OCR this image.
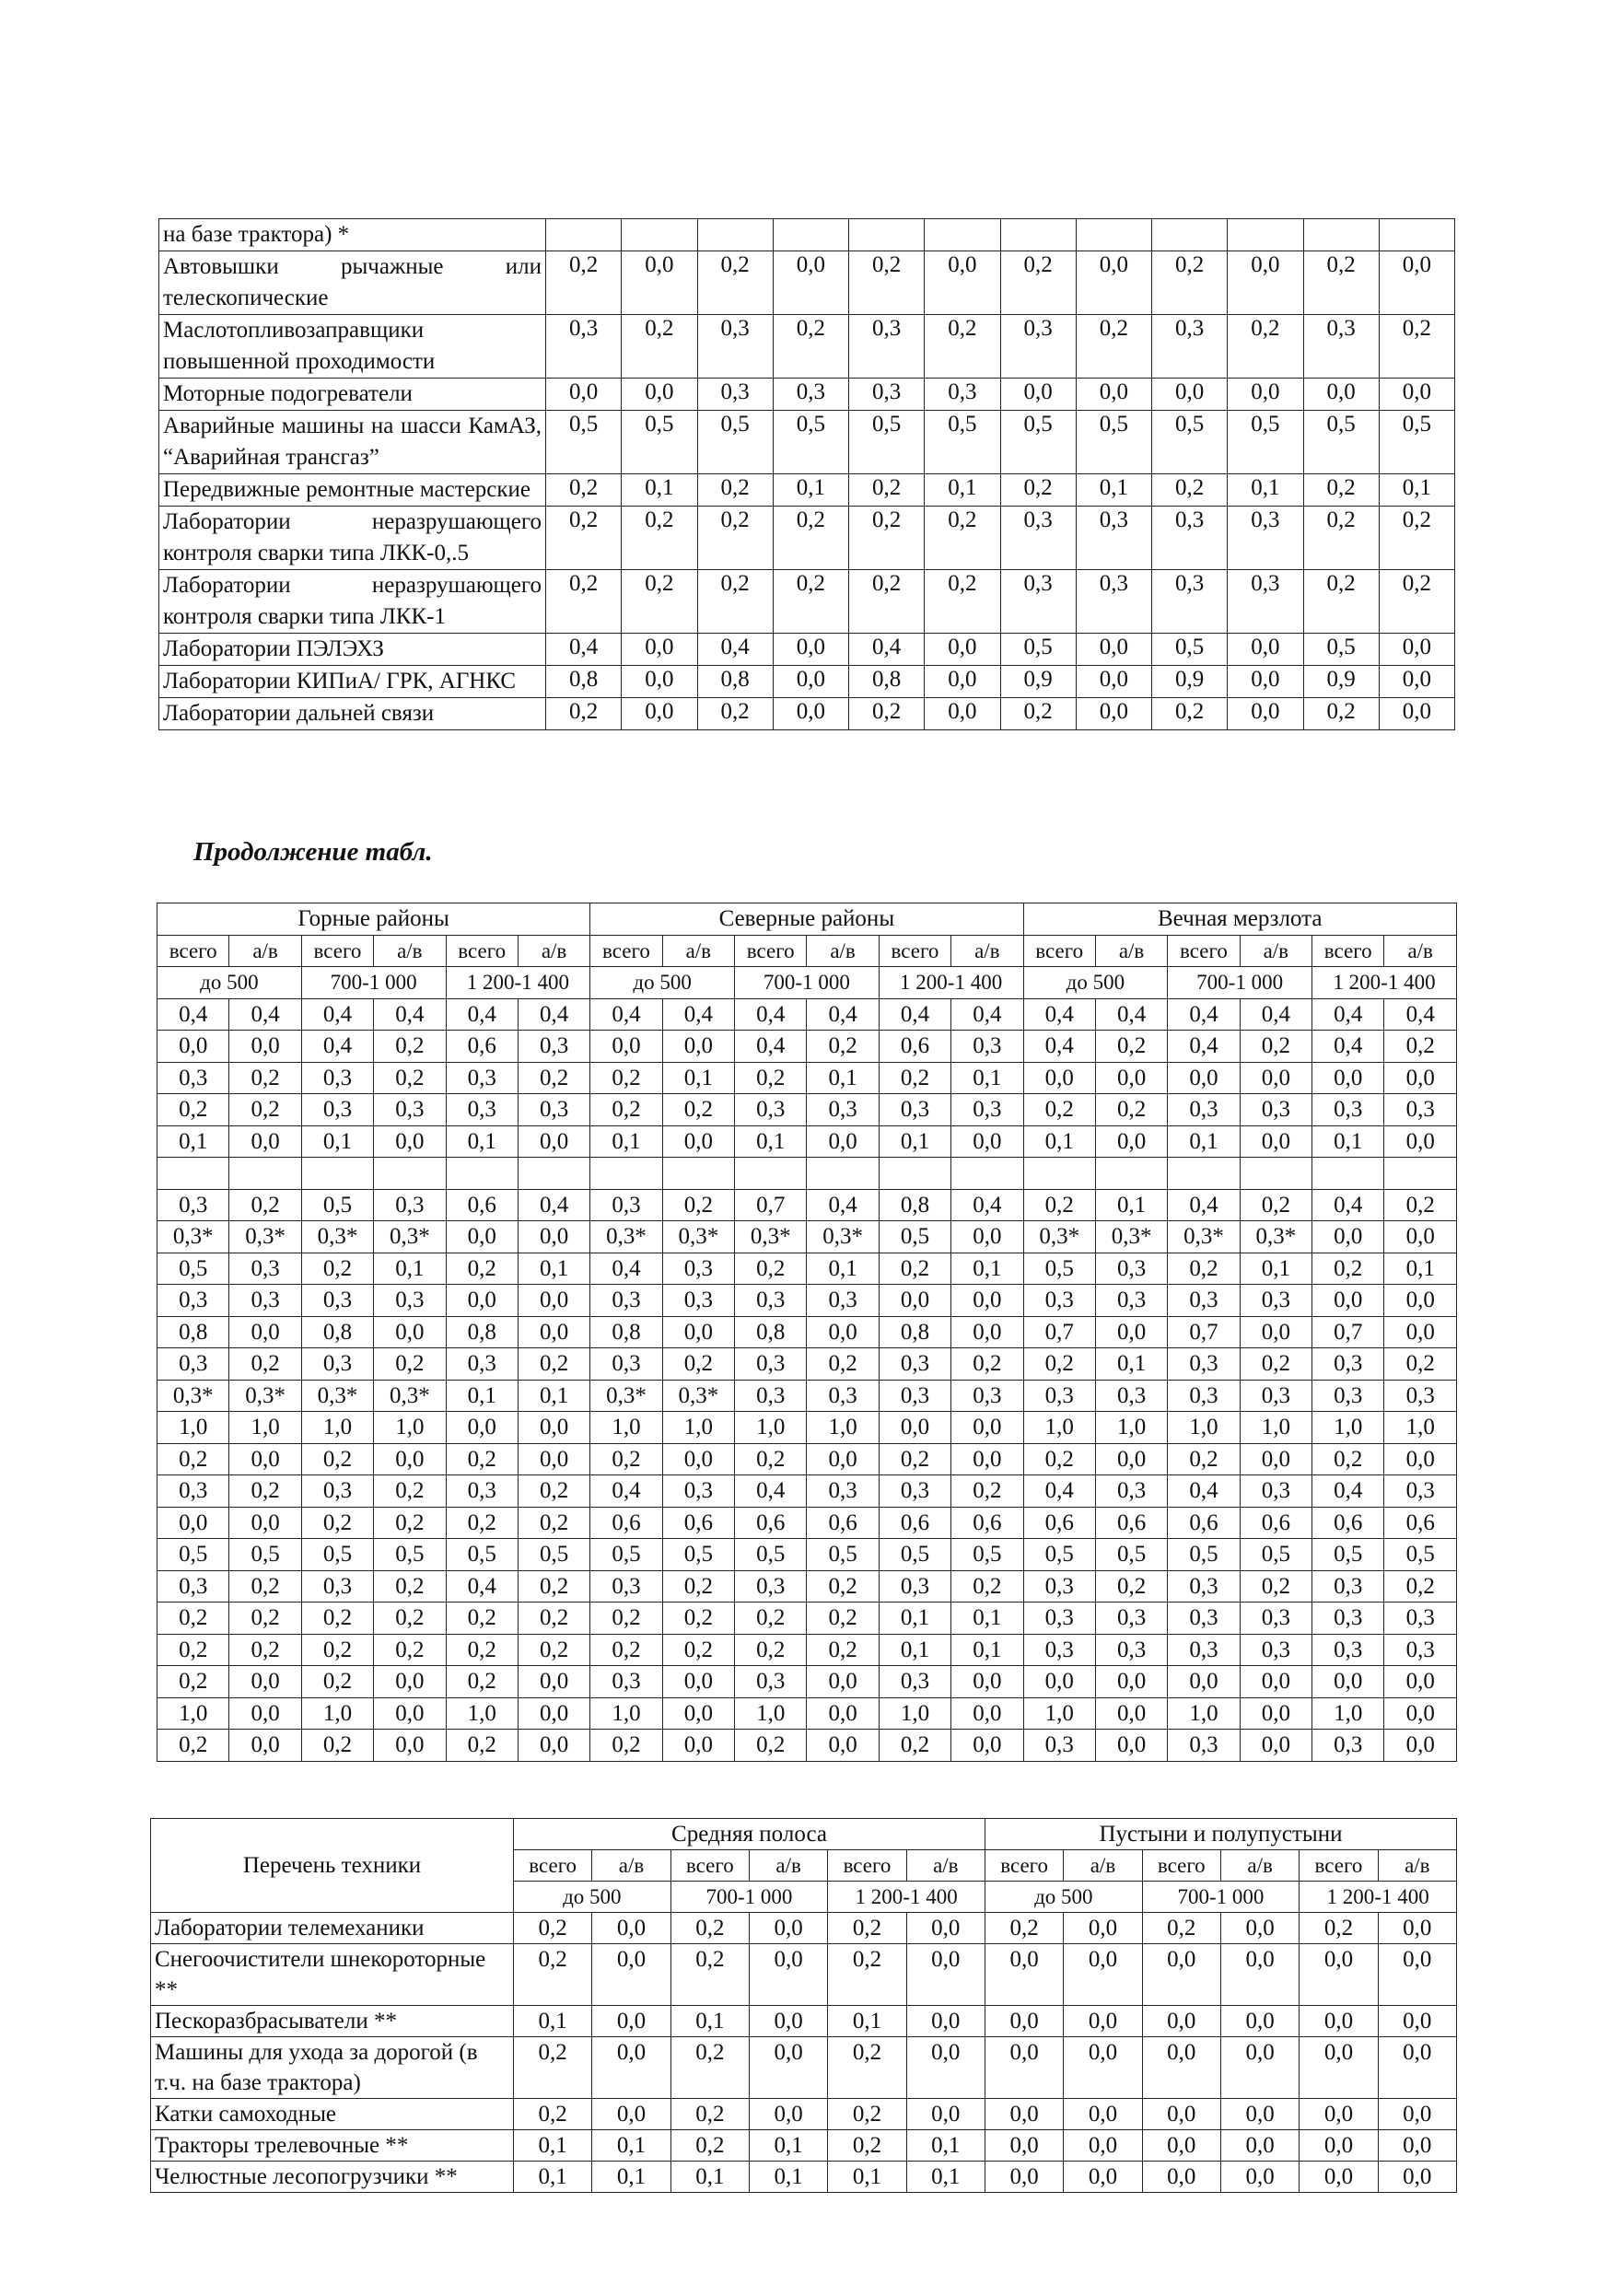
на базе трактора) *												
Автовышки рычажные или телескопические	0,2	0,0	0,2	0,0	0,2	0,0	0,2	0,0	0,2	0,0	0,2	0,0
Маслотопливозаправщики повышенной проходимости	0,3	0,2	0,3	0,2	0,3	0,2	0,3	0,2	0,3	0,2	0,3	0,2
Моторные подогреватели	0,0	0,0	0,3	0,3	0,3	0,3	0,0	0,0	0,0	0,0	0,0	0,0
Аварийные машины на шасси КамАЗ, “Аварийная трансгаз”	0,5	0,5	0,5	0,5	0,5	0,5	0,5	0,5	0,5	0,5	0,5	0,5
Передвижные ремонтные мастерские	0,2	0,1	0,2	0,1	0,2	0,1	0,2	0,1	0,2	0,1	0,2	0,1
Лаборатории неразрушающего контроля сварки типа ЛКК-0,.5	0,2	0,2	0,2	0,2	0,2	0,2	0,3	0,3	0,3	0,3	0,2	0,2
Лаборатории неразрушающего контроля сварки типа ЛКК-1	0,2	0,2	0,2	0,2	0,2	0,2	0,3	0,3	0,3	0,3	0,2	0,2
Лаборатории ПЭЛЭХЗ	0,4	0,0	0,4	0,0	0,4	0,0	0,5	0,0	0,5	0,0	0,5	0,0
Лаборатории КИПиА/ ГРК, АГНКС	0,8	0,0	0,8	0,0	0,8	0,0	0,9	0,0	0,9	0,0	0,9	0,0
Лаборатории дальней связи	0,2	0,0	0,2	0,0	0,2	0,0	0,2	0,0	0,2	0,0	0,2	0,0
Продолжение табл.
Горные районы						Северные районы						Вечная мерзлота					
всего	а/в	всего	а/в	всего	а/в	всего	а/в	всего	а/в	всего	а/в	всего	а/в	всего	а/в	всего	а/в
до 500		700-1 000		1 200-1 400		до 500		700-1 000		1 200-1 400		до 500		700-1 000		1 200-1 400	
0,4	0,4	0,4	0,4	0,4	0,4	0,4	0,4	0,4	0,4	0,4	0,4	0,4	0,4	0,4	0,4	0,4	0,4
0,0	0,0	0,4	0,2	0,6	0,3	0,0	0,0	0,4	0,2	0,6	0,3	0,4	0,2	0,4	0,2	0,4	0,2
0,3	0,2	0,3	0,2	0,3	0,2	0,2	0,1	0,2	0,1	0,2	0,1	0,0	0,0	0,0	0,0	0,0	0,0
0,2	0,2	0,3	0,3	0,3	0,3	0,2	0,2	0,3	0,3	0,3	0,3	0,2	0,2	0,3	0,3	0,3	0,3
0,1	0,0	0,1	0,0	0,1	0,0	0,1	0,0	0,1	0,0	0,1	0,0	0,1	0,0	0,1	0,0	0,1	0,0

0,3	0,2	0,5	0,3	0,6	0,4	0,3	0,2	0,7	0,4	0,8	0,4	0,2	0,1	0,4	0,2	0,4	0,2
0,3*	0,3*	0,3*	0,3*	0,0	0,0	0,3*	0,3*	0,3*	0,3*	0,5	0,0	0,3*	0,3*	0,3*	0,3*	0,0	0,0
0,5	0,3	0,2	0,1	0,2	0,1	0,4	0,3	0,2	0,1	0,2	0,1	0,5	0,3	0,2	0,1	0,2	0,1
0,3	0,3	0,3	0,3	0,0	0,0	0,3	0,3	0,3	0,3	0,0	0,0	0,3	0,3	0,3	0,3	0,0	0,0
0,8	0,0	0,8	0,0	0,8	0,0	0,8	0,0	0,8	0,0	0,8	0,0	0,7	0,0	0,7	0,0	0,7	0,0
0,3	0,2	0,3	0,2	0,3	0,2	0,3	0,2	0,3	0,2	0,3	0,2	0,2	0,1	0,3	0,2	0,3	0,2
0,3*	0,3*	0,3*	0,3*	0,1	0,1	0,3*	0,3*	0,3	0,3	0,3	0,3	0,3	0,3	0,3	0,3	0,3	0,3
1,0	1,0	1,0	1,0	0,0	0,0	1,0	1,0	1,0	1,0	0,0	0,0	1,0	1,0	1,0	1,0	1,0	1,0
0,2	0,0	0,2	0,0	0,2	0,0	0,2	0,0	0,2	0,0	0,2	0,0	0,2	0,0	0,2	0,0	0,2	0,0
0,3	0,2	0,3	0,2	0,3	0,2	0,4	0,3	0,4	0,3	0,3	0,2	0,4	0,3	0,4	0,3	0,4	0,3
0,0	0,0	0,2	0,2	0,2	0,2	0,6	0,6	0,6	0,6	0,6	0,6	0,6	0,6	0,6	0,6	0,6	0,6
0,5	0,5	0,5	0,5	0,5	0,5	0,5	0,5	0,5	0,5	0,5	0,5	0,5	0,5	0,5	0,5	0,5	0,5
0,3	0,2	0,3	0,2	0,4	0,2	0,3	0,2	0,3	0,2	0,3	0,2	0,3	0,2	0,3	0,2	0,3	0,2
0,2	0,2	0,2	0,2	0,2	0,2	0,2	0,2	0,2	0,2	0,1	0,1	0,3	0,3	0,3	0,3	0,3	0,3
0,2	0,2	0,2	0,2	0,2	0,2	0,2	0,2	0,2	0,2	0,1	0,1	0,3	0,3	0,3	0,3	0,3	0,3
0,2	0,0	0,2	0,0	0,2	0,0	0,3	0,0	0,3	0,0	0,3	0,0	0,0	0,0	0,0	0,0	0,0	0,0
1,0	0,0	1,0	0,0	1,0	0,0	1,0	0,0	1,0	0,0	1,0	0,0	1,0	0,0	1,0	0,0	1,0	0,0
0,2	0,0	0,2	0,0	0,2	0,0	0,2	0,0	0,2	0,0	0,2	0,0	0,3	0,0	0,3	0,0	0,3	0,0
Перечень техники	Средняя полоса						Пустыни и полупустыни					
	всего	а/в	всего	а/в	всего	а/в	всего	а/в	всего	а/в	всего	а/в
	до 500		700-1 000		1 200-1 400		до 500		700-1 000		1 200-1 400	
Лаборатории телемеханики	0,2	0,0	0,2	0,0	0,2	0,0	0,2	0,0	0,2	0,0	0,2	0,0
Снегоочистители шнекороторные **	0,2	0,0	0,2	0,0	0,2	0,0	0,0	0,0	0,0	0,0	0,0	0,0
Пескоразбрасыватели **	0,1	0,0	0,1	0,0	0,1	0,0	0,0	0,0	0,0	0,0	0,0	0,0
Машины для ухода за дорогой (в т.ч. на базе трактора)	0,2	0,0	0,2	0,0	0,2	0,0	0,0	0,0	0,0	0,0	0,0	0,0
Катки самоходные	0,2	0,0	0,2	0,0	0,2	0,0	0,0	0,0	0,0	0,0	0,0	0,0
Тракторы трелевочные **	0,1	0,1	0,2	0,1	0,2	0,1	0,0	0,0	0,0	0,0	0,0	0,0
Челюстные лесопогрузчики **	0,1	0,1	0,1	0,1	0,1	0,1	0,0	0,0	0,0	0,0	0,0	0,0
